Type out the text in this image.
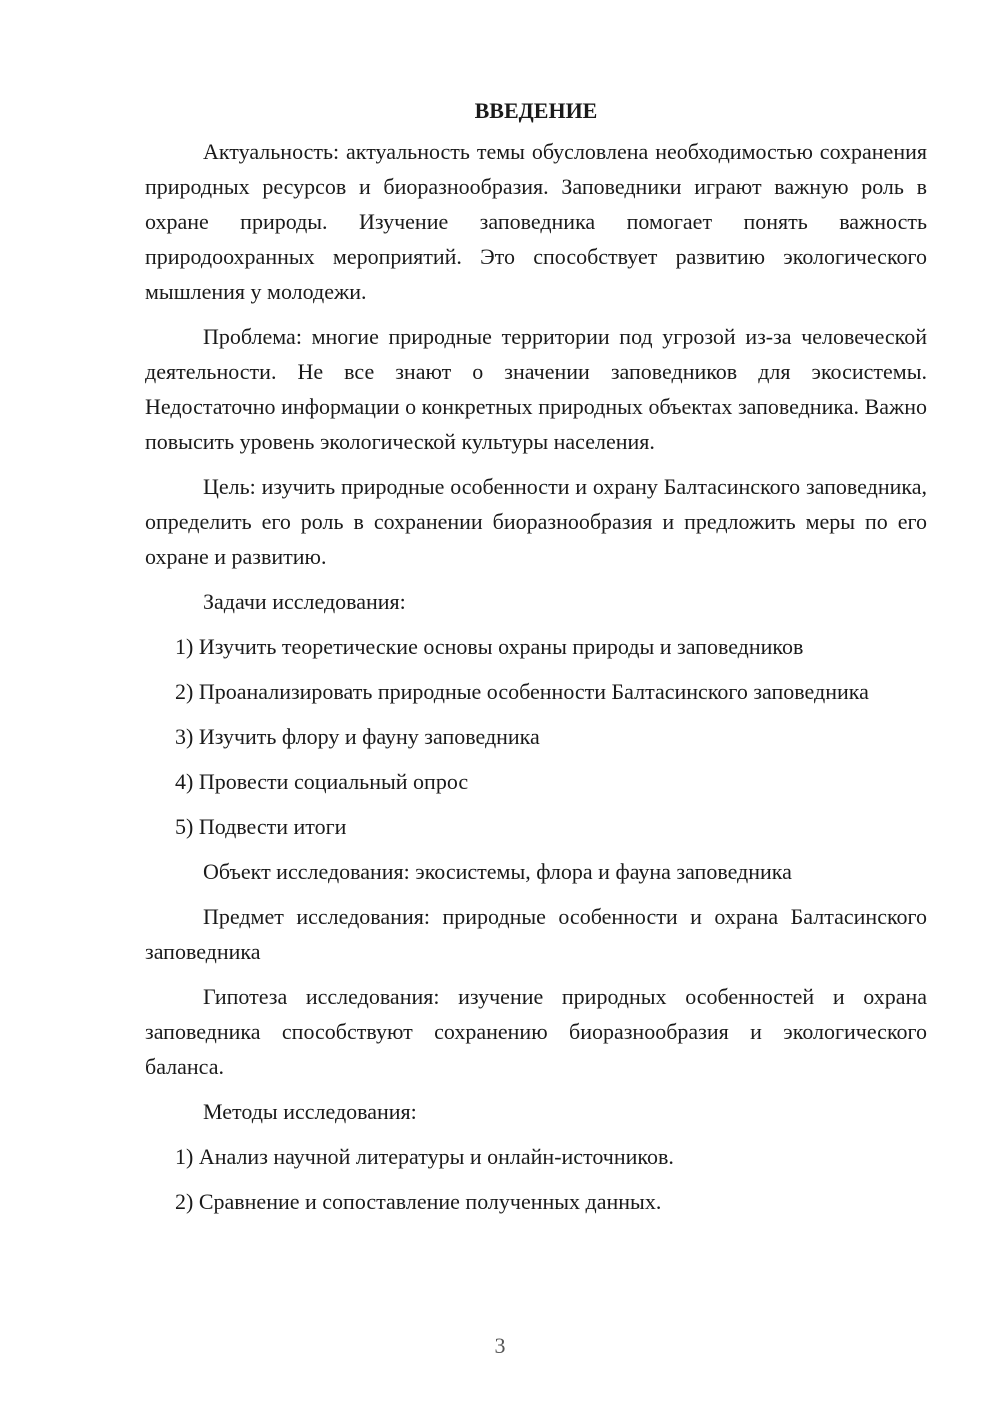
ВВЕДЕНИЕ

Актуальность: актуальность темы обусловлена необходимостью сохранения природных ресурсов и биоразнообразия. Заповедники играют важную роль в охране природы. Изучение заповедника помогает понять важность природоохранных мероприятий. Это способствует развитию экологического мышления у молодежи.

Проблема: многие природные территории под угрозой из-за человеческой деятельности. Не все знают о значении заповедников для экосистемы. Недостаточно информации о конкретных природных объектах заповедника. Важно повысить уровень экологической культуры населения.

Цель: изучить природные особенности и охрану Балтасинского заповедника, определить его роль в сохранении биоразнообразия и предложить меры по его охране и развитию.

Задачи исследования:

1) Изучить теоретические основы охраны природы и заповедников

2) Проанализировать природные особенности Балтасинского заповедника

3) Изучить флору и фауну заповедника

4) Провести социальный опрос

5) Подвести итоги

Объект исследования: экосистемы, флора и фауна заповедника

Предмет исследования: природные особенности и охрана Балтасинского заповедника

Гипотеза исследования: изучение природных особенностей и охрана заповедника способствуют сохранению биоразнообразия и экологического баланса.

Методы исследования:

1) Анализ научной литературы и онлайн-источников.

2) Сравнение и сопоставление полученных данных.

3
